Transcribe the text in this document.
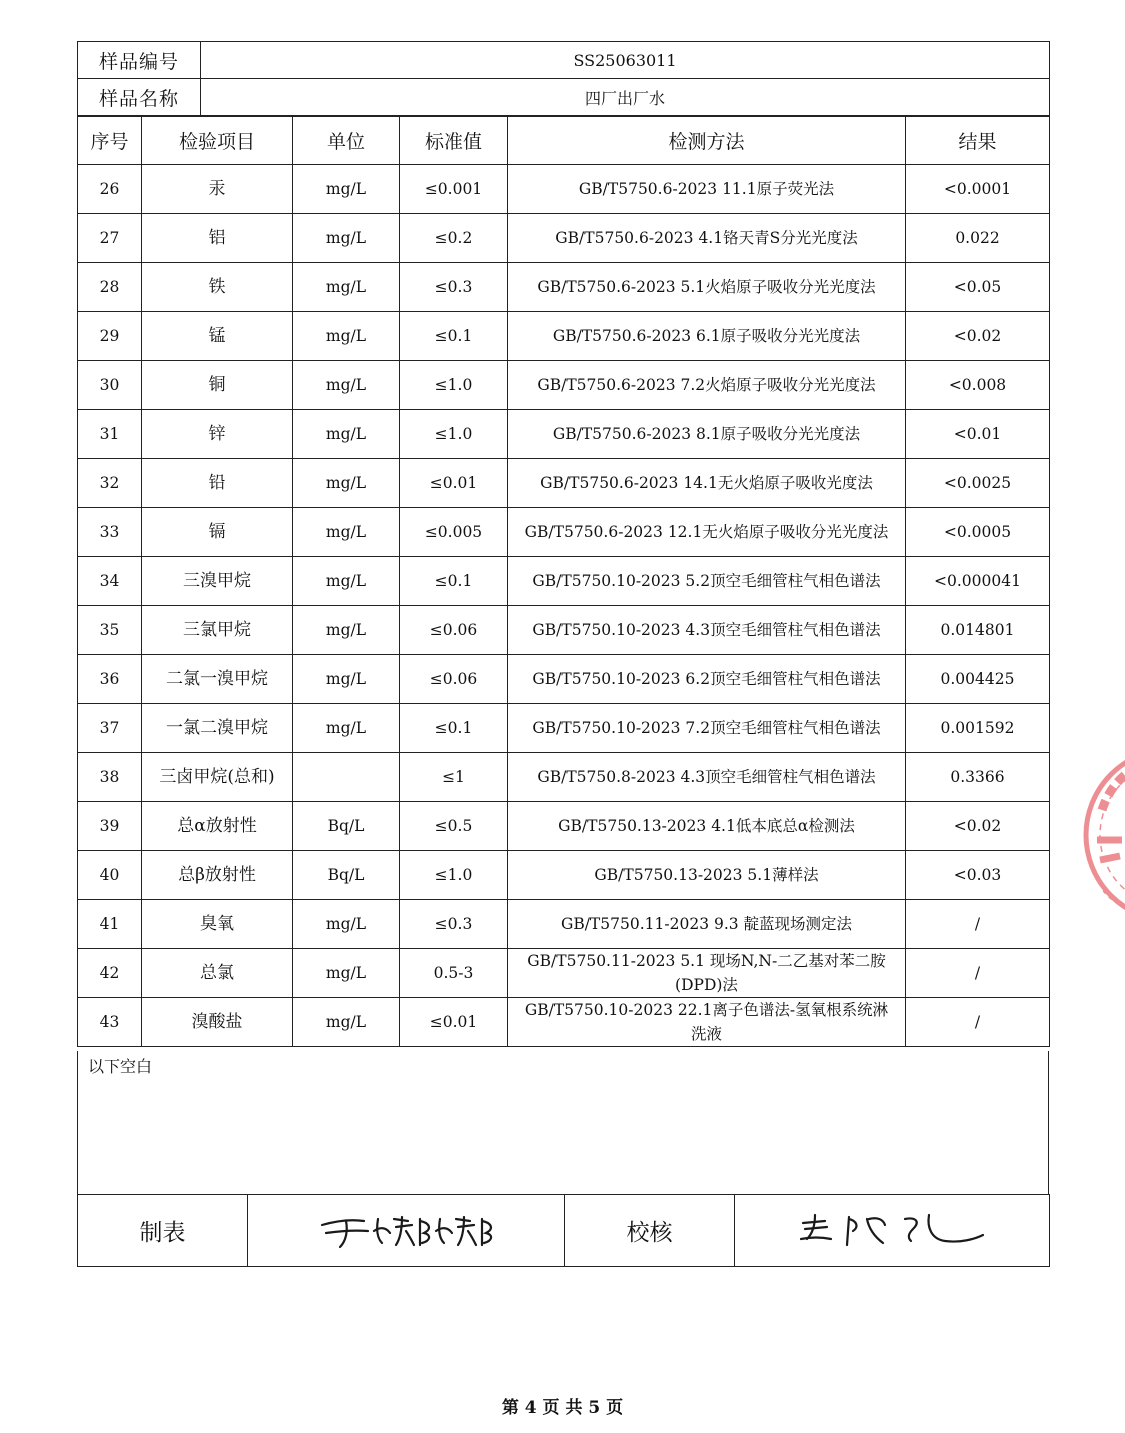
样品编号	SS25063011
样品名称	四厂出厂水
序号	检验项目	单位	标准值	检测方法	结果
26	汞	mg/L	≤0.001	GB/T5750.6-2023 11.1原子荧光法	<0.0001
27	铝	mg/L	≤0.2	GB/T5750.6-2023 4.1铬天青S分光光度法	0.022
28	铁	mg/L	≤0.3	GB/T5750.6-2023 5.1火焰原子吸收分光光度法	<0.05
29	锰	mg/L	≤0.1	GB/T5750.6-2023 6.1原子吸收分光光度法	<0.02
30	铜	mg/L	≤1.0	GB/T5750.6-2023 7.2火焰原子吸收分光光度法	<0.008
31	锌	mg/L	≤1.0	GB/T5750.6-2023 8.1原子吸收分光光度法	<0.01
32	铅	mg/L	≤0.01	GB/T5750.6-2023 14.1无火焰原子吸收光度法	<0.0025
33	镉	mg/L	≤0.005	GB/T5750.6-2023 12.1无火焰原子吸收分光光度法	<0.0005
34	三溴甲烷	mg/L	≤0.1	GB/T5750.10-2023 5.2顶空毛细管柱气相色谱法	<0.000041
35	三氯甲烷	mg/L	≤0.06	GB/T5750.10-2023 4.3顶空毛细管柱气相色谱法	0.014801
36	二氯一溴甲烷	mg/L	≤0.06	GB/T5750.10-2023 6.2顶空毛细管柱气相色谱法	0.004425
37	一氯二溴甲烷	mg/L	≤0.1	GB/T5750.10-2023 7.2顶空毛细管柱气相色谱法	0.001592
38	三卤甲烷(总和)		≤1	GB/T5750.8-2023 4.3顶空毛细管柱气相色谱法	0.3366
39	总α放射性	Bq/L	≤0.5	GB/T5750.13-2023 4.1低本底总α检测法	<0.02
40	总β放射性	Bq/L	≤1.0	GB/T5750.13-2023 5.1薄样法	<0.03
41	臭氧	mg/L	≤0.3	GB/T5750.11-2023 9.3 靛蓝现场测定法	/
42	总氯	mg/L	0.5-3	GB/T5750.11-2023 5.1 现场N,N-二乙基对苯二胺(DPD)法	/
43	溴酸盐	mg/L	≤0.01	GB/T5750.10-2023 22.1离子色谱法-氢氧根系统淋洗液	/
以下空白
制表		校核	
第 4 页 共 5 页
